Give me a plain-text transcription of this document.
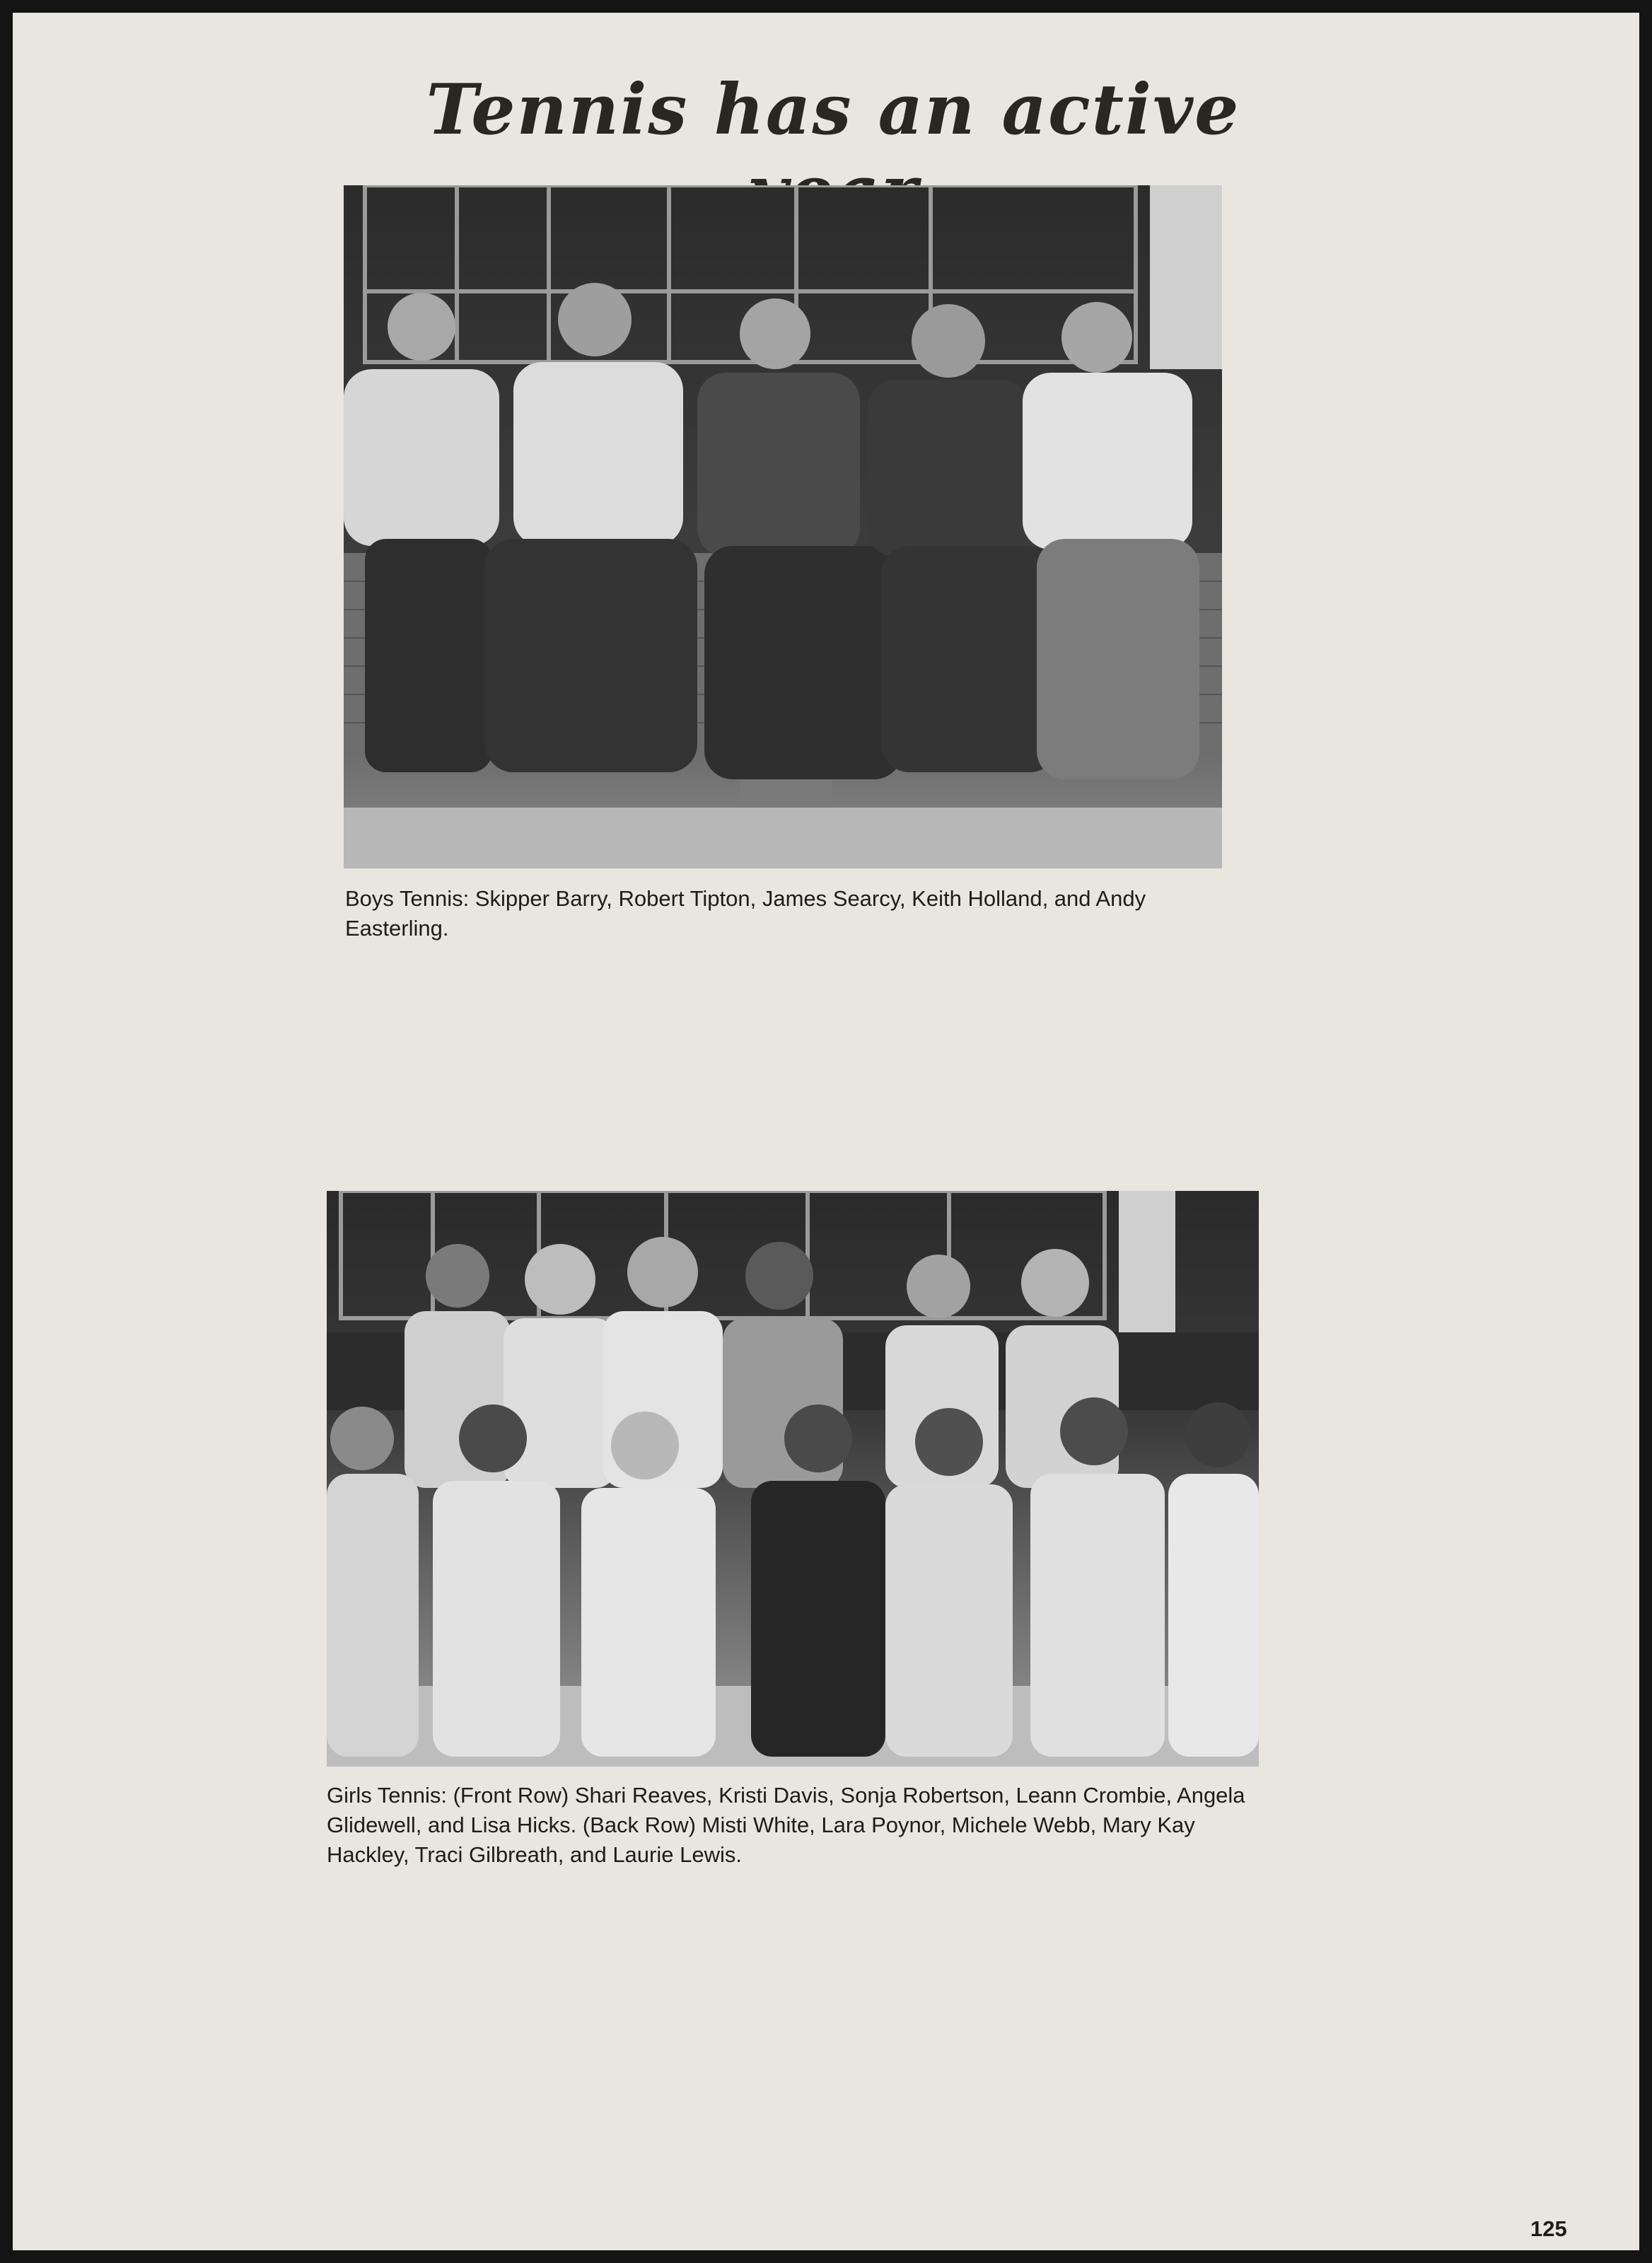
Tennis has an active
Boys Tennis: Skipper Barry, Robert Tipton, James Searcy, Keith Holland, and Andy Easterling.
Girls Tennis: (Front Row) Shari Reaves, Kristi Davis, Sonja Robertson, Leann Crombie, Angela Glidewell, and Lisa Hicks. (Back Row) Misti White, Lara Poynor, Michele Webb, Mary Kay Hackley, Traci Gilbreath, and Laurie Lewis.
125
